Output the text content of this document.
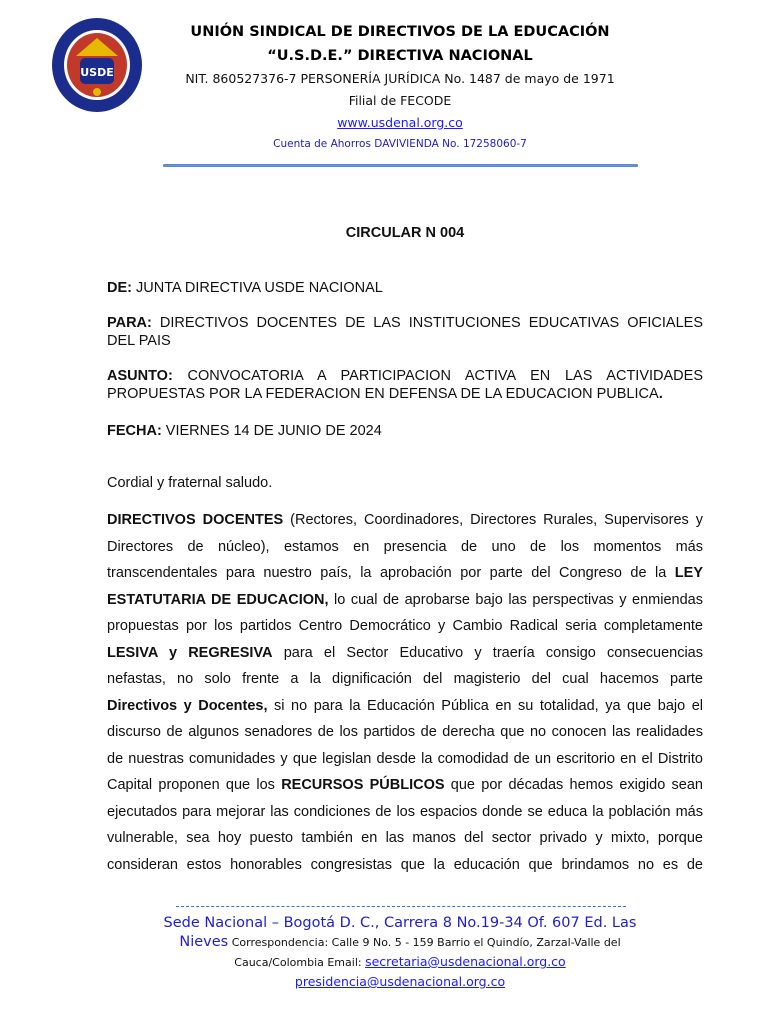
USDE
UNIÓN SINDICAL DE DIRECTIVOS DE LA EDUCACIÓN
“U.S.D.E.” DIRECTIVA NACIONAL
NIT. 860527376-7 PERSONERÍA JURÍDICA No. 1487 de mayo de 1971
Filial de FECODE
www.usdenal.org.co
Cuenta de Ahorros DAVIVIENDA No. 17258060-7
CIRCULAR N 004
DE: JUNTA DIRECTIVA USDE NACIONAL
PARA: DIRECTIVOS DOCENTES DE LAS INSTITUCIONES EDUCATIVAS OFICIALES DEL PAIS
ASUNTO: CONVOCATORIA A PARTICIPACION ACTIVA EN LAS ACTIVIDADES PROPUESTAS POR LA FEDERACION EN DEFENSA DE LA EDUCACION PUBLICA.
FECHA: VIERNES 14 DE JUNIO DE 2024
Cordial y fraternal saludo.
DIRECTIVOS DOCENTES (Rectores, Coordinadores, Directores Rurales, Supervisores y
Directores de núcleo), estamos en presencia de uno de los momentos más
transcendentales para nuestro país, la aprobación por parte del Congreso de la LEY
ESTATUTARIA DE EDUCACION, lo cual de aprobarse bajo las perspectivas y enmiendas
propuestas por los partidos Centro Democrático y Cambio Radical seria completamente
LESIVA y REGRESIVA para el Sector Educativo y traería consigo consecuencias
nefastas, no solo frente a la dignificación del magisterio del cual hacemos parte
Directivos y Docentes, si no para la Educación Pública en su totalidad, ya que bajo el
discurso de algunos senadores de los partidos de derecha que no conocen las realidades
de nuestras comunidades y que legislan desde la comodidad de un escritorio en el Distrito
Capital proponen que los RECURSOS PÚBLICOS que por décadas hemos exigido sean
ejecutados para mejorar las condiciones de los espacios donde se educa la población más
vulnerable, sea hoy puesto también en las manos del sector privado y mixto, porque
consideran estos honorables congresistas que la educación que brindamos no es de
Sede Nacional – Bogotá D. C., Carrera 8 No.19-34 Of. 607 Ed. Las
Nieves Correspondencia: Calle 9 No. 5 - 159 Barrio el Quindío, Zarzal-Valle del
Cauca/Colombia Email: secretaria@usdenacional.org.co
presidencia@usdenacional.org.co
